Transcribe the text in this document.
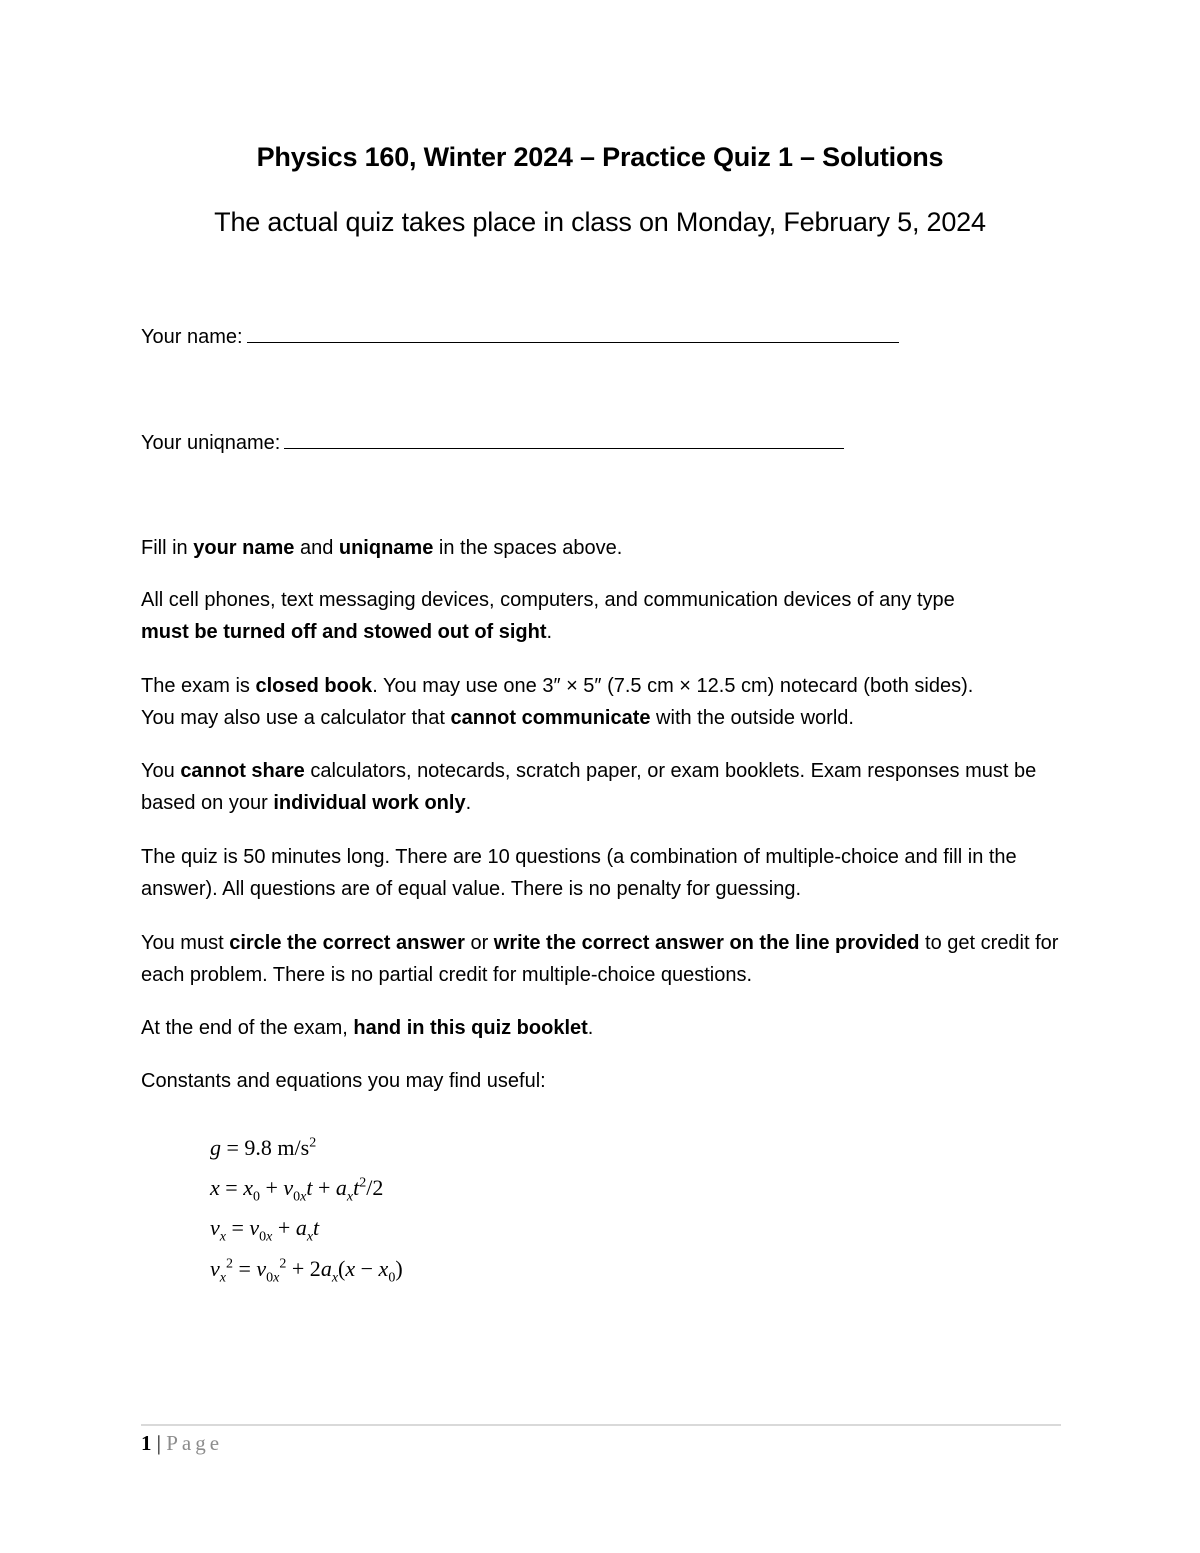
Physics 160, Winter 2024 – Practice Quiz 1 – Solutions
The actual quiz takes place in class on Monday, February 5, 2024
Your name:
Your uniqname:
Fill in your name and uniqname in the spaces above.
All cell phones, text messaging devices, computers, and communication devices of any type
must be turned off and stowed out of sight.
The exam is closed book. You may use one 3″ × 5″ (7.5 cm × 12.5 cm) notecard (both sides).
You may also use a calculator that cannot communicate with the outside world.
You cannot share calculators, notecards, scratch paper, or exam booklets. Exam responses must be based on your individual work only.
The quiz is 50 minutes long. There are 10 questions (a combination of multiple-choice and fill in the answer). All questions are of equal value. There is no penalty for guessing.
You must circle the correct answer or write the correct answer on the line provided to get credit for each problem. There is no partial credit for multiple-choice questions.
At the end of the exam, hand in this quiz booklet.
Constants and equations you may find useful:
g = 9.8 $m/s^2$
$x = x_0 + v_{0x}t + a_xt^2/2$
$v_x = v_{0x} + a_xt$
$v_x^2 = v_{0x}^2 + 2a_x(x - x_0)$
1 | Page
